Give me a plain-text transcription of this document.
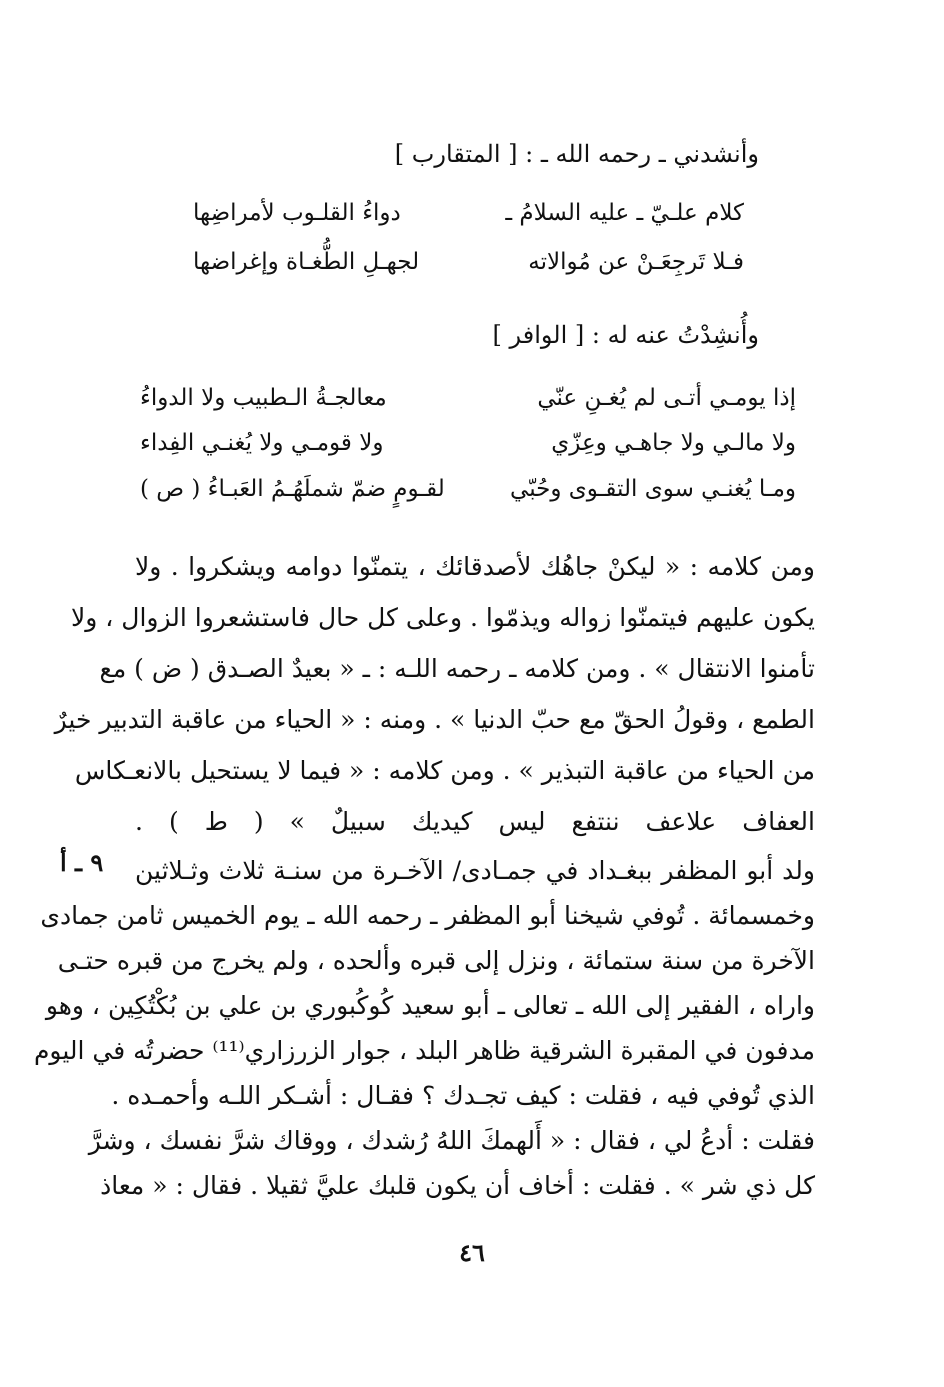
وأنشدني ـ رحمه الله ـ : [ المتقارب ]
كلام علـيّ ـ عليه السلامُ ـ
دواءُ القلـوب لأمراضِها
فـلا تَرجِعَـنْ عن مُوالاته
لجهـلِ الطُّغـاة وإغراضها
وأُنشِدْتُ عنه له : [ الوافر ]
إذا يومـي أتـى لم يُغـنِ عنّي
معالجـةُ الـطبيب ولا الدواءُ
ولا مالـي ولا جاهـي وعِزّي
ولا قومـي ولا يُغنـي الفِداء
ومـا يُغنـي سوى التقـوى وحُبّي
لقـومٍ ضمّ شملَهُـمُ العَبـاءُ ( ص )
ومن كلامه : « ليكنْ جاهُك لأصدقائك ، يتمنّوا دوامه ويشكروا . ولا
يكون عليهم فيتمنّوا زواله ويذمّوا . وعلى كل حال فاستشعروا الزوال ، ولا
تأمنوا الانتقال » . ومن كلامه ـ رحمه اللـه : ـ « بعيدٌ الصـدق ( ض ) مع
الطمع ، وقولُ الحقّ مع حبّ الدنيا » . ومنه : « الحياء من عاقبة التدبير خيرٌ
من الحياء من عاقبة التبذير » . ومن كلامه : « فيما لا يستحيل بالانعـكاس
العفاف علاعف ننتفع ليس كيديك سبيلٌ » ( ط ) .
٩ ـ أ ولد أبو المظفر ببغـداد في جمـادى/ الآخـرة من سنـة ثلاث وثـلاثين
وخمسمائة . تُوفي شيخنا أبو المظفر ـ رحمه الله ـ يوم الخميس ثامن جمادى
الآخرة من سنة ستمائة ، ونزل إلى قبره وألحده ، ولم يخرج من قبره حتـى
واراه ، الفقير إلى الله ـ تعالى ـ أبو سعيد كُوكُبوري بن علي بن بُكْتُكِين ، وهو
مدفون في المقبرة الشرقية ظاهر البلد ، جوار الزرزاري⁽¹¹⁾ حضرتُه في اليوم
الذي تُوفي فيه ، فقلت : كيف تجـدك ؟ فقـال : أشـكر اللـه وأحمـده .
فقلت : أدعُ لي ، فقال : « أَلهمكَ اللهُ رُشدك ، ووقاك شرَّ نفسك ، وشرَّ
كل ذي شر » . فقلت : أخاف أن يكون قلبك عليَّ ثقيلا . فقال : « معاذ
٤٦
